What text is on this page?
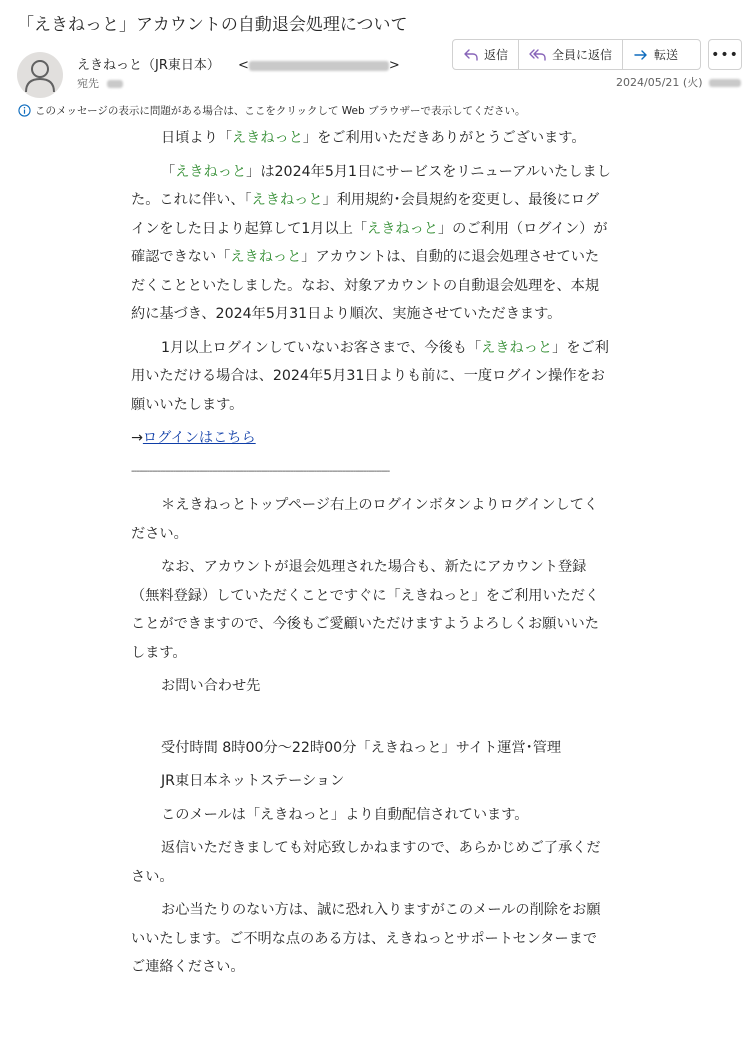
「えきねっと」アカウントの自動退会処理について
えきねっと（JR東日本） <	>
宛先
返信	全員に返信	転送 •••
2024/05/21 (火)
このメッセージの表示に問題がある場合は、ここをクリックして Web ブラウザーで表示してください。

日頃より「えきねっと」をご利用いただきありがとうございます。

「えきねっと」は2024年5月1日にサービスをリニューアルいたしました。これに伴い、「えきねっと」利用規約･会員規約を変更し、最後にログインをした日より起算して1月以上「えきねっと」のご利用（ログイン）が確認できない「えきねっと」アカウントは、自動的に退会処理させていただくことといたしました。なお、対象アカウントの自動退会処理を、本規約に基づき、2024年5月31日より順次、実施させていただきます。

1月以上ログインしていないお客さまで、今後も「えきねっと」をご利用いただける場合は、2024年5月31日よりも前に、一度ログイン操作をお願いいたします。

→ログインはこちら

---------------------------------------------------------------------------------------------------

＊えきねっとトップページ右上のログインボタンよりログインしてください。

なお、アカウントが退会処理された場合も、新たにアカウント登録（無料登録）していただくことですぐに「えきねっと」をご利用いただくことができますので、今後もご愛顧いただけますようよろしくお願いいたします。

お問い合わせ先

受付時間 8時00分～22時00分「えきねっと」サイト運営･管理

JR東日本ネットステーション

このメールは「えきねっと」より自動配信されています。

返信いただきましても対応致しかねますので、あらかじめご了承ください。

お心当たりのない方は、誠に恐れ入りますがこのメールの削除をお願いいたします。ご不明な点のある方は、えきねっとサポートセンターまでご連絡ください。
